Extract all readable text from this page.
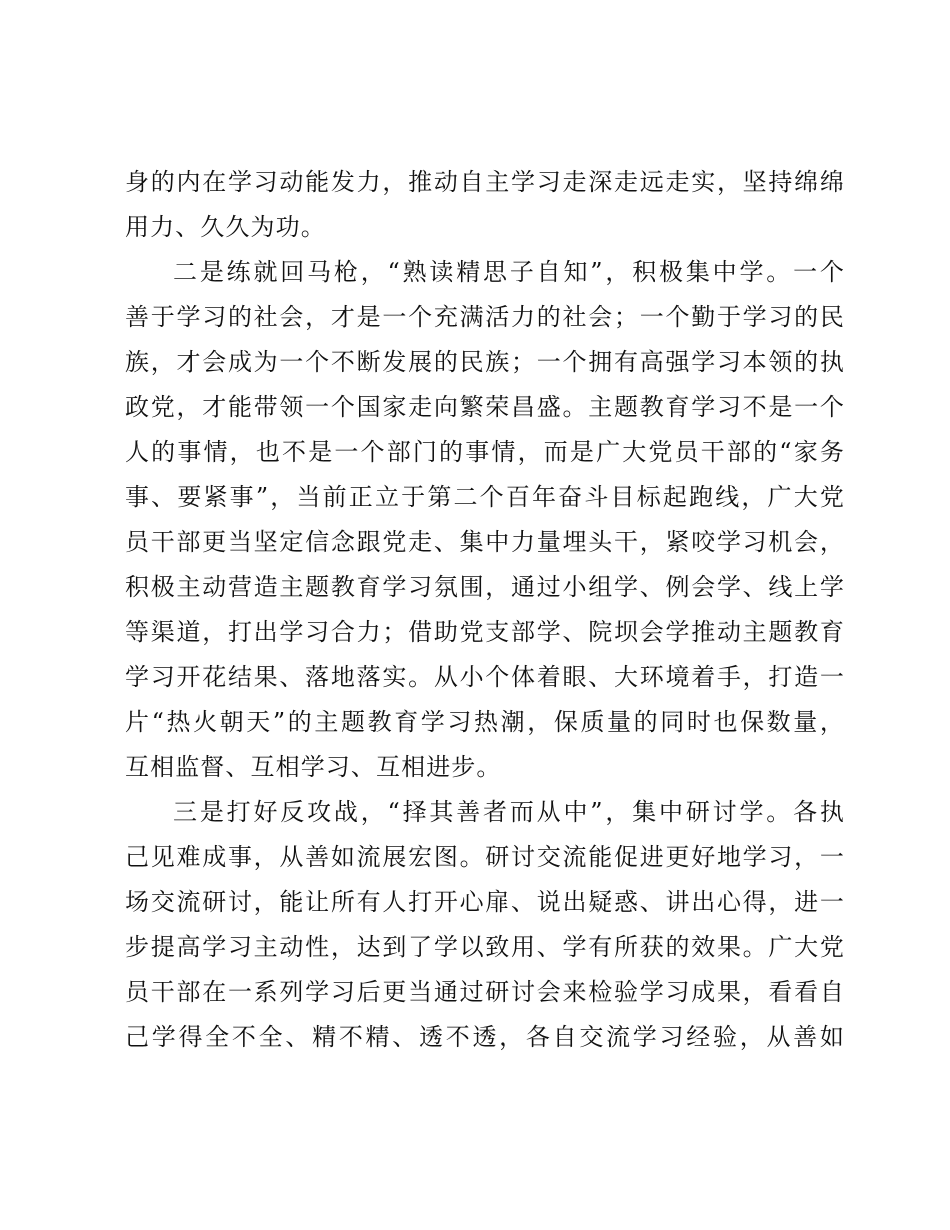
身的内在学习动能发力，推动自主学习走深走远走实，坚持绵绵
用力、久久为功。
二是练就回马枪，“熟读精思子自知”，积极集中学。一个
善于学习的社会，才是一个充满活力的社会；一个勤于学习的民
族，才会成为一个不断发展的民族；一个拥有高强学习本领的执
政党，才能带领一个国家走向繁荣昌盛。主题教育学习不是一个
人的事情，也不是一个部门的事情，而是广大党员干部的“家务
事、要紧事”，当前正立于第二个百年奋斗目标起跑线，广大党
员干部更当坚定信念跟党走、集中力量埋头干，紧咬学习机会，
积极主动营造主题教育学习氛围，通过小组学、例会学、线上学
等渠道，打出学习合力；借助党支部学、院坝会学推动主题教育
学习开花结果、落地落实。从小个体着眼、大环境着手，打造一
片“热火朝天”的主题教育学习热潮，保质量的同时也保数量，
互相监督、互相学习、互相进步。
三是打好反攻战，“择其善者而从中”，集中研讨学。各执
己见难成事，从善如流展宏图。研讨交流能促进更好地学习，一
场交流研讨，能让所有人打开心扉、说出疑惑、讲出心得，进一
步提高学习主动性，达到了学以致用、学有所获的效果。广大党
员干部在一系列学习后更当通过研讨会来检验学习成果，看看自
己学得全不全、精不精、透不透，各自交流学习经验，从善如
